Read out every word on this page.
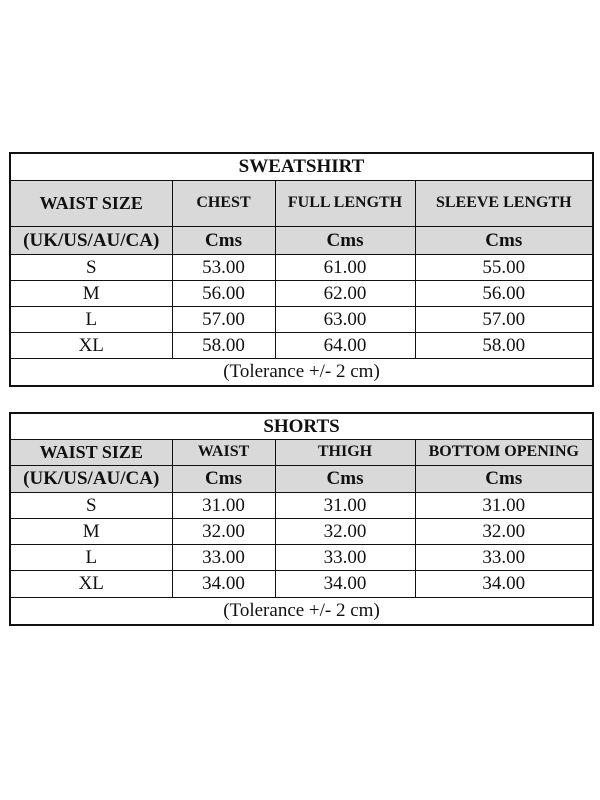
SWEATSHIRT			
WAIST SIZE	CHEST	FULL LENGTH	SLEEVE LENGTH
(UK/US/AU/CA)	Cms	Cms	Cms
S	53.00	61.00	55.00
M	56.00	62.00	56.00
L	57.00	63.00	57.00
XL	58.00	64.00	58.00
(Tolerance +/- 2 cm)			
SHORTS			
WAIST SIZE	WAIST	THIGH	BOTTOM OPENING
(UK/US/AU/CA)	Cms	Cms	Cms
S	31.00	31.00	31.00
M	32.00	32.00	32.00
L	33.00	33.00	33.00
XL	34.00	34.00	34.00
(Tolerance +/- 2 cm)			
